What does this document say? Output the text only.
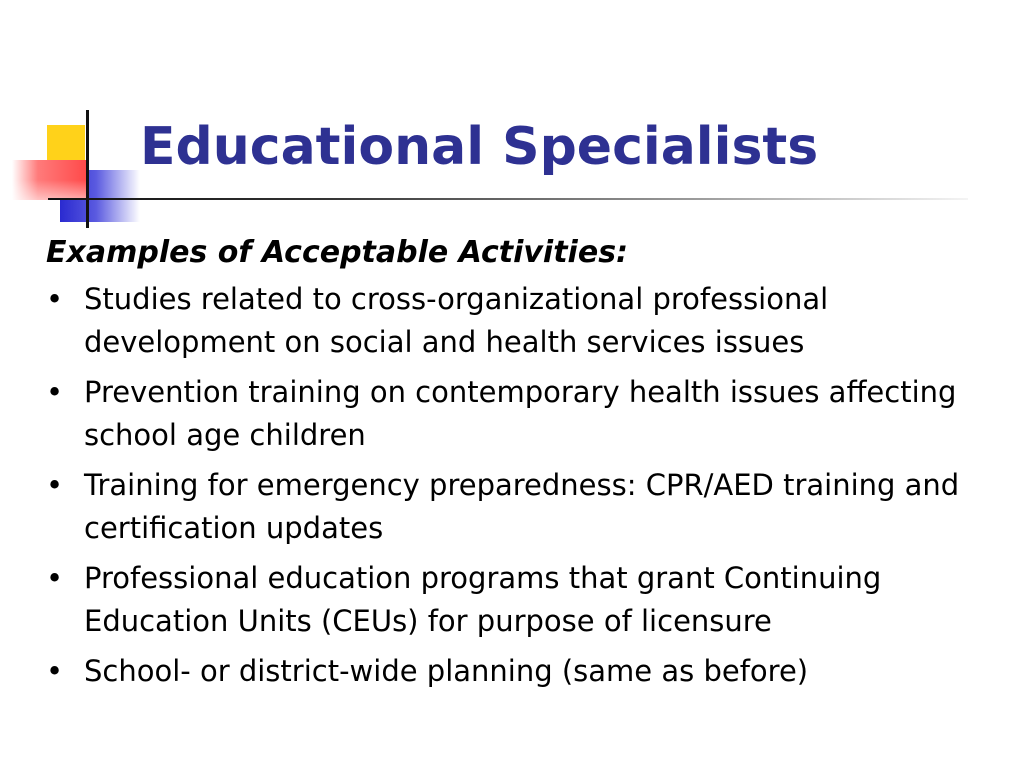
Educational Specialists

Examples of Acceptable Activities:

• Studies related to cross-organizational professional development on social and health services issues
• Prevention training on contemporary health issues affecting school age children
• Training for emergency preparedness: CPR/AED training and certification updates
• Professional education programs that grant Continuing Education Units (CEUs) for purpose of licensure
• School- or district-wide planning (same as before)
